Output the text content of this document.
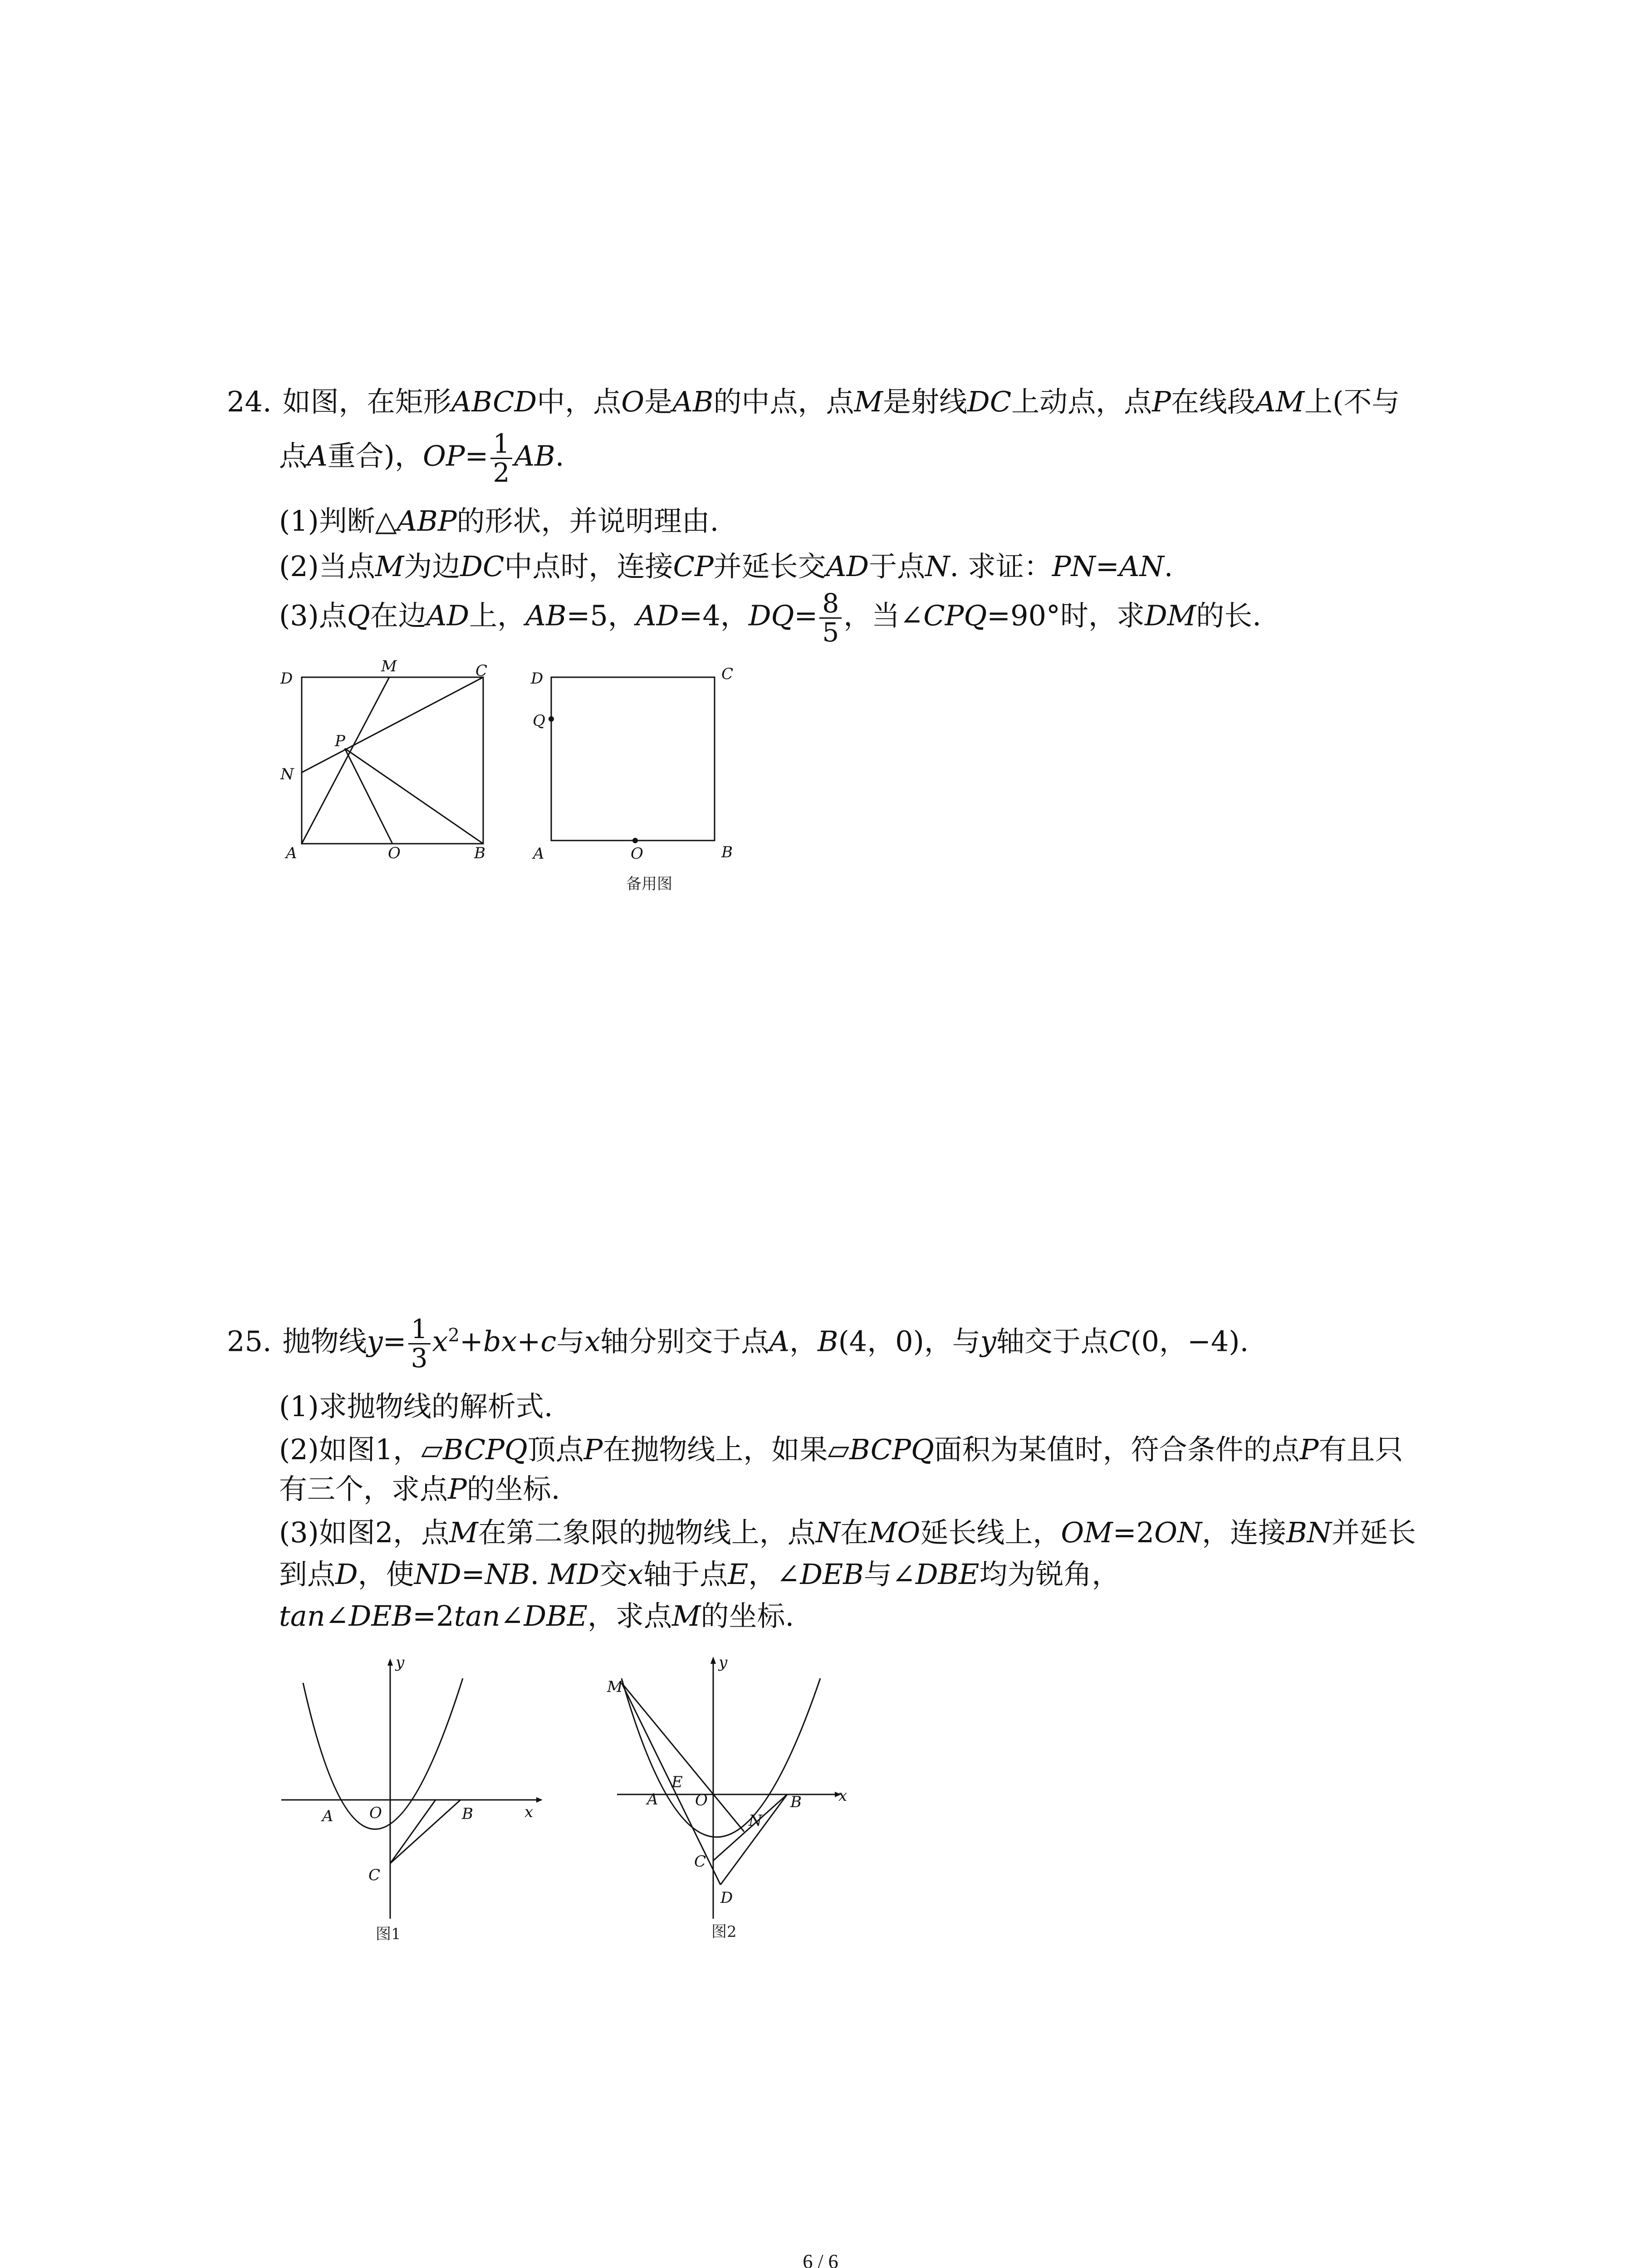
24. 如图，在矩形ABCD中，点O是AB的中点，点M是射线DC上动点，点P在线段AM上(不与
点A重合)，$OP= \frac{1}{2}$ AB.
(1)判断△ABP的形状，并说明理由.
(2)当点M为边DC中点时，连接CP并延长交AD于点N. 求证：PN=AN.
(3)点Q在边AD上，AB=5，AD=4，$DQ= \frac{8}{5}$ ，当∠CPQ=90°时，求DM的长.
D
M	C
P
N
A	O	B
D	C
Q
A	O	B
备用图
25. 抛物线$y= \frac{1}{3} x^2+bx+c$与x轴分别交于点A，B(4，0)，与y轴交于点C(0，−4).
(1)求抛物线的解析式.
(2)如图1，▱BCPQ顶点P在抛物线上，如果▱BCPQ面积为某值时，符合条件的点P有且只
有三个，求点P的坐标.
(3)如图2，点M在第二象限的抛物线上，点N在MO延长线上，OM=2ON，连接BN并延长
到点D，使ND=NB. MD交x轴于点E，∠DEB与∠DBE均为锐角，
tan∠DEB=2tan∠DBE，求点M的坐标.
y
x
A O	B
C
图1
y
x
M
E
A O
N
B
C
D
图2
6 / 6
